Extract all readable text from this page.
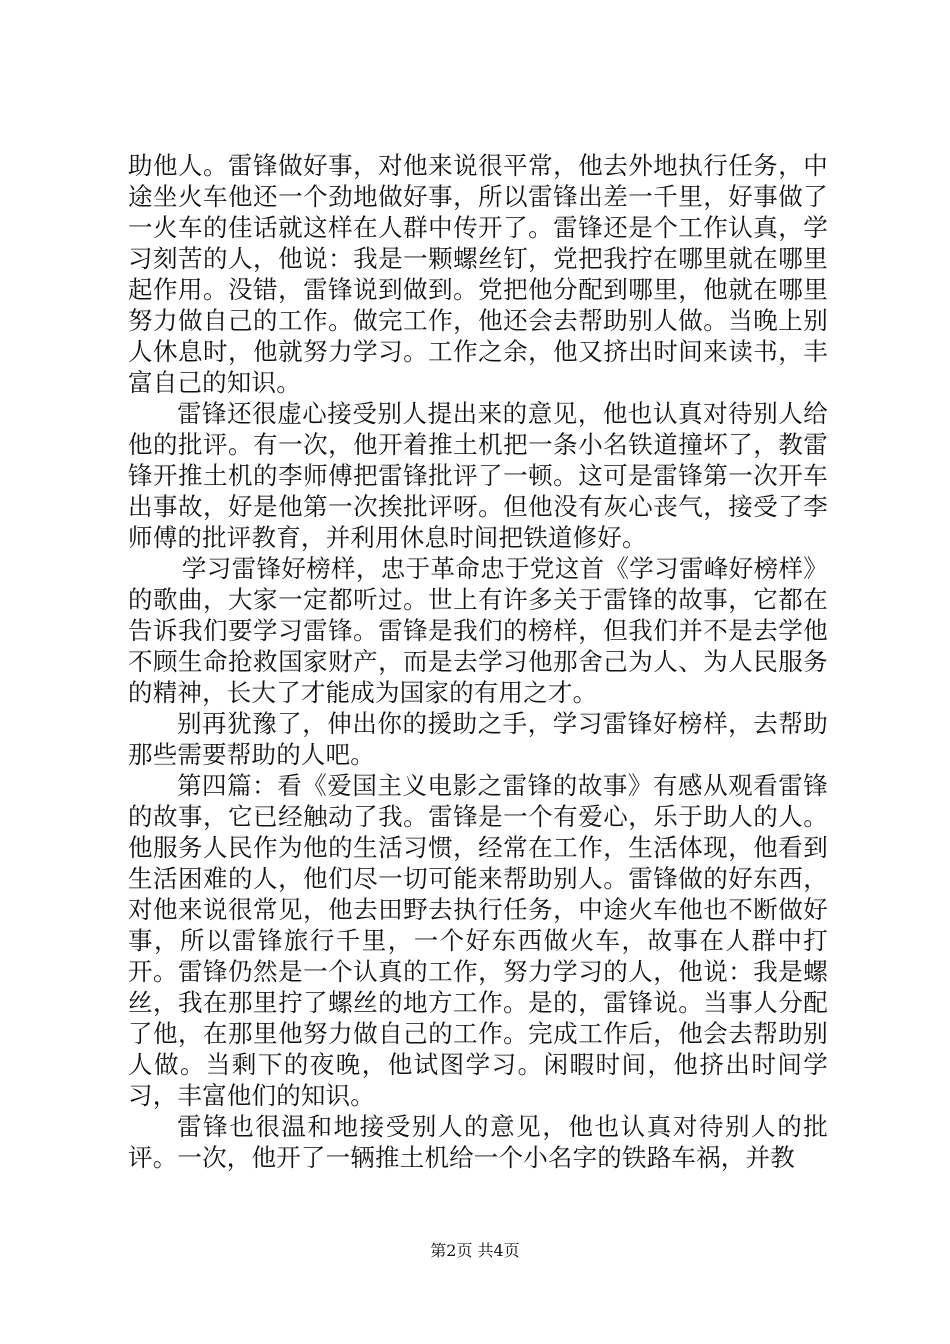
助他人。雷锋做好事，对他来说很平常，他去外地执行任务，中途坐火车他还一个劲地做好事，所以雷锋出差一千里，好事做了一火车的佳话就这样在人群中传开了。雷锋还是个工作认真，学习刻苦的人，他说：我是一颗螺丝钉，党把我拧在哪里就在哪里起作用。没错，雷锋说到做到。党把他分配到哪里，他就在哪里努力做自己的工作。做完工作，他还会去帮助别人做。当晚上别人休息时，他就努力学习。工作之余，他又挤出时间来读书，丰富自己的知识。

雷锋还很虚心接受别人提出来的意见，他也认真对待别人给他的批评。有一次，他开着推土机把一条小名铁道撞坏了，教雷锋开推土机的李师傅把雷锋批评了一顿。这可是雷锋第一次开车出事故，好是他第一次挨批评呀。但他没有灰心丧气，接受了李师傅的批评教育，并利用休息时间把铁道修好。

学习雷锋好榜样，忠于革命忠于党这首《学习雷峰好榜样》的歌曲，大家一定都听过。世上有许多关于雷锋的故事，它都在告诉我们要学习雷锋。雷锋是我们的榜样，但我们并不是去学他不顾生命抢救国家财产，而是去学习他那舍己为人、为人民服务的精神，长大了才能成为国家的有用之才。

别再犹豫了，伸出你的援助之手，学习雷锋好榜样，去帮助那些需要帮助的人吧。

第四篇：看《爱国主义电影之雷锋的故事》有感从观看雷锋的故事，它已经触动了我。雷锋是一个有爱心，乐于助人的人。他服务人民作为他的生活习惯，经常在工作，生活体现，他看到生活困难的人，他们尽一切可能来帮助别人。雷锋做的好东西，对他来说很常见，他去田野去执行任务，中途火车他也不断做好事，所以雷锋旅行千里，一个好东西做火车，故事在人群中打开。雷锋仍然是一个认真的工作，努力学习的人，他说：我是螺丝，我在那里拧了螺丝的地方工作。是的，雷锋说。当事人分配了他，在那里他努力做自己的工作。完成工作后，他会去帮助别人做。当剩下的夜晚，他试图学习。闲暇时间，他挤出时间学习，丰富他们的知识。

雷锋也很温和地接受别人的意见，他也认真对待别人的批评。一次，他开了一辆推土机给一个小名字的铁路车祸，并教

第2页 共4页
